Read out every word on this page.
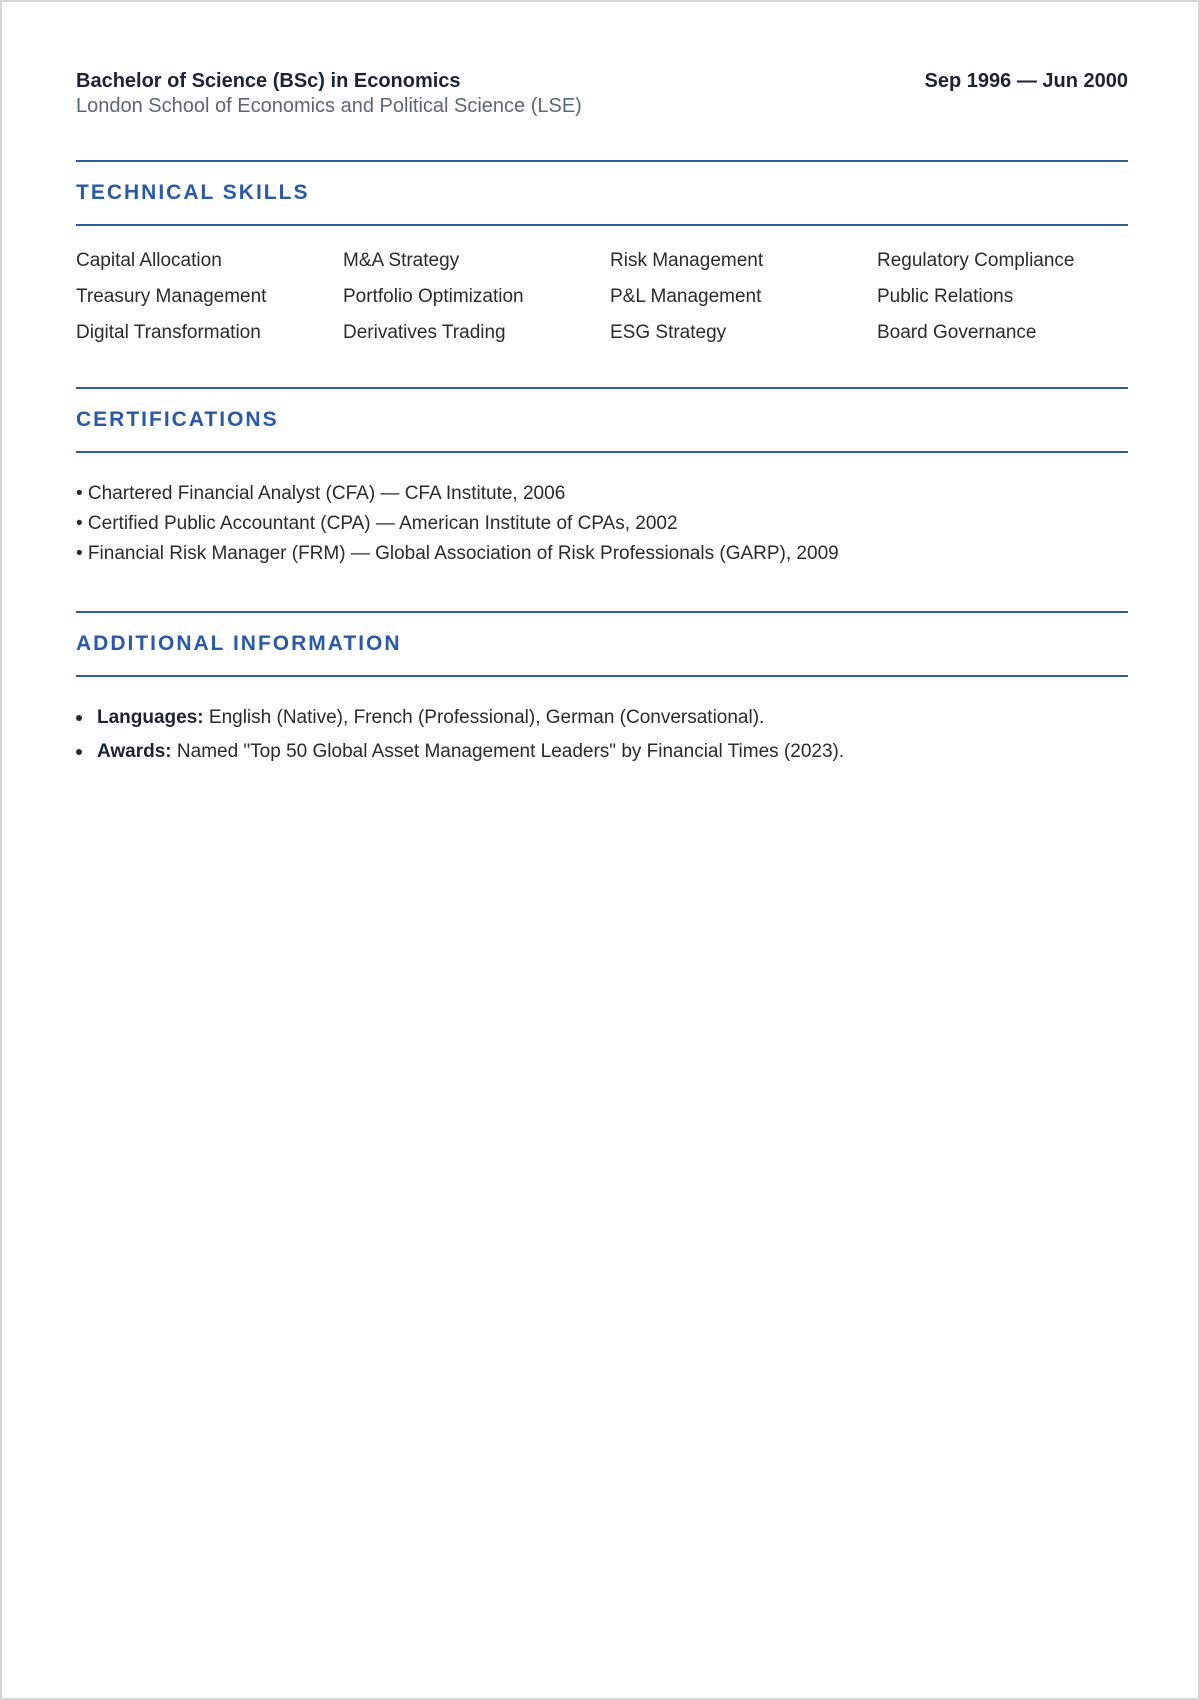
Bachelor of Science (BSc) in Economics	Sep 1996 — Jun 2000
London School of Economics and Political Science (LSE)
TECHNICAL SKILLS
Capital Allocation	M&A Strategy	Risk Management	Regulatory Compliance
Treasury Management	Portfolio Optimization	P&L Management	Public Relations
Digital Transformation	Derivatives Trading	ESG Strategy	Board Governance
CERTIFICATIONS
• Chartered Financial Analyst (CFA) — CFA Institute, 2006
• Certified Public Accountant (CPA) — American Institute of CPAs, 2002
• Financial Risk Manager (FRM) — Global Association of Risk Professionals (GARP), 2009
ADDITIONAL INFORMATION
Languages: English (Native), French (Professional), German (Conversational).
Awards: Named "Top 50 Global Asset Management Leaders" by Financial Times (2023).
